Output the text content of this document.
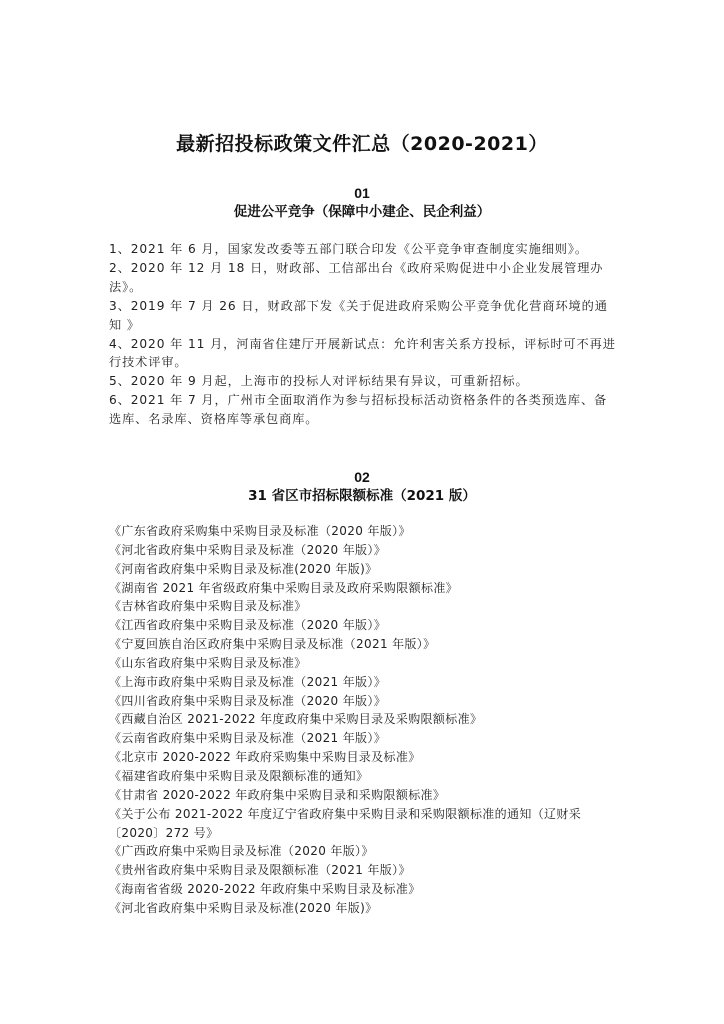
最新招投标政策文件汇总（2020-2021）
01
促进公平竞争（保障中小建企、民企利益）

1、2021 年 6 月，国家发改委等五部门联合印发《公平竞争审查制度实施细则》。

2、2020 年 12 月 18 日，财政部、工信部出台《政府采购促进中小企业发展管理办法》。

3、2019 年 7 月 26 日，财政部下发《关于促进政府采购公平竞争优化营商环境的通知 》

4、2020 年 11 月，河南省住建厅开展新试点：允许利害关系方投标，评标时可不再进行技术评审。

5、2020 年 9 月起，上海市的投标人对评标结果有异议，可重新招标。

6、2021 年 7 月，广州市全面取消作为参与招标投标活动资格条件的各类预选库、备选库、名录库、资格库等承包商库。

02
31 省区市招标限额标准（2021 版）
《广东省政府采购集中采购目录及标准（2020 年版）》
《河北省政府集中采购目录及标准（2020 年版）》
《河南省政府集中采购目录及标准(2020 年版)》
《湖南省 2021 年省级政府集中采购目录及政府采购限额标准》
《吉林省政府集中采购目录及标准》
《江西省政府集中采购目录及标准（2020 年版）》
《宁夏回族自治区政府集中采购目录及标准（2021 年版）》
《山东省政府集中采购目录及标准》
《上海市政府集中采购目录及标准（2021 年版）》
《四川省政府集中采购目录及标准（2020 年版）》
《西藏自治区 2021-2022 年度政府集中采购目录及采购限额标准》
《云南省政府集中采购目录及标准（2021 年版）》
《北京市 2020-2022 年政府采购集中采购目录及标准》
《福建省政府集中采购目录及限额标准的通知》
《甘肃省 2020-2022 年政府集中采购目录和采购限额标准》
《关于公布 2021-2022 年度辽宁省政府集中采购目录和采购限额标准的通知（辽财采〔2020〕272 号》
《广西政府集中采购目录及标准（2020 年版）》
《贵州省政府集中采购目录及限额标准（2021 年版）》
《海南省省级 2020-2022 年政府集中采购目录及标准》
《河北省政府集中采购目录及标准(2020 年版)》
